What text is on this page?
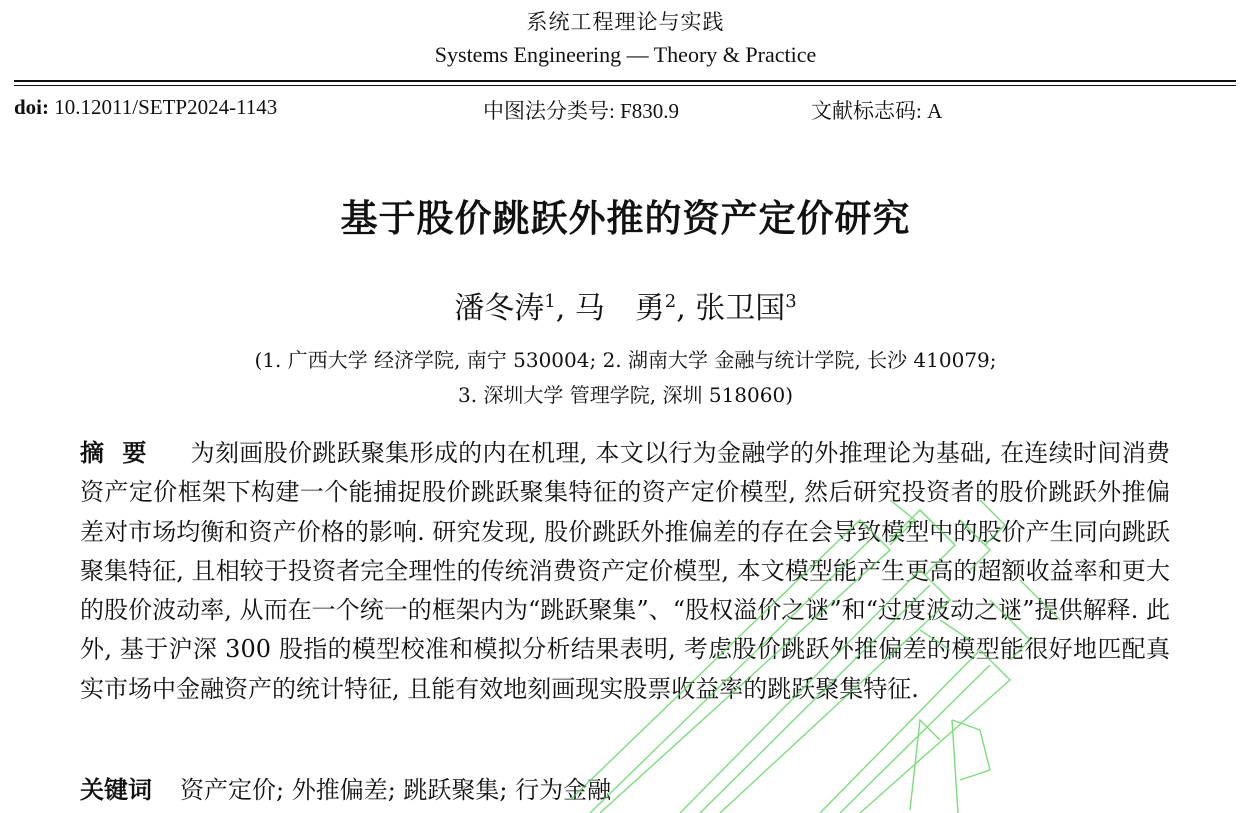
系统工程理论与实践
Systems Engineering — Theory & Practice
doi: 10.12011/SETP2024-1143	中图法分类号: F830.9	文献标志码: A
基于股价跳跃外推的资产定价研究
潘冬涛$^1$, 马　勇$^2$, 张卫国$^3$
(1. 广西大学 经济学院, 南宁 530004; 2. 湖南大学 金融与统计学院, 长沙 410079;
3. 深圳大学 管理学院, 深圳 518060)
摘要 为刻画股价跳跃聚集形成的内在机理, 本文以行为金融学的外推理论为基础, 在连续时间消费资产定价框架下构建一个能捕捉股价跳跃聚集特征的资产定价模型, 然后研究投资者的股价跳跃外推偏差对市场均衡和资产价格的影响. 研究发现, 股价跳跃外推偏差的存在会导致模型中的股价产生同向跳跃聚集特征, 且相较于投资者完全理性的传统消费资产定价模型, 本文模型能产生更高的超额收益率和更大的股价波动率, 从而在一个统一的框架内为“跳跃聚集”、“股权溢价之谜”和“过度波动之谜”提供解释. 此外, 基于沪深 300 股指的模型校准和模拟分析结果表明, 考虑股价跳跃外推偏差的模型能很好地匹配真实市场中金融资产的统计特征, 且能有效地刻画现实股票收益率的跳跃聚集特征.
关键词 资产定价; 外推偏差; 跳跃聚集; 行为金融
